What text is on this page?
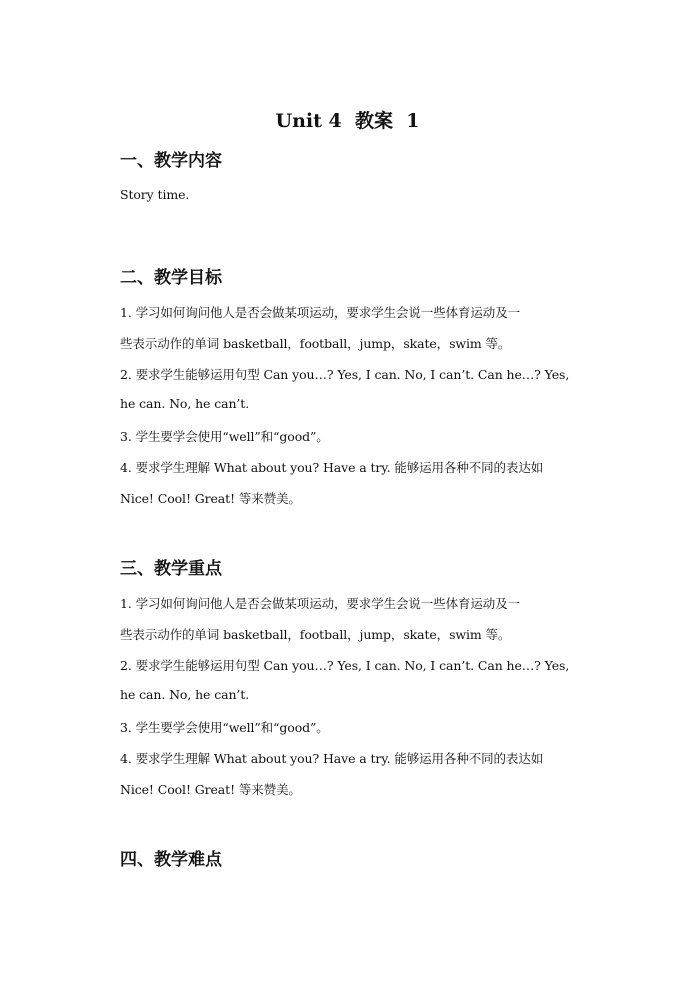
Unit 4  教案  1
一、教学内容

Story time.

二、教学目标

1. 学习如何询问他人是否会做某项运动，要求学生会说一些体育运动及一

些表示动作的单词 basketball，football，jump，skate，swim 等。

2. 要求学生能够运用句型 Can you…? Yes, I can. No, I can’t. Can he…? Yes,

he can. No, he can’t.

3. 学生要学会使用“well”和“good”。

4. 要求学生理解 What about you? Have a try. 能够运用各种不同的表达如

Nice! Cool! Great! 等来赞美。

三、教学重点

1. 学习如何询问他人是否会做某项运动，要求学生会说一些体育运动及一

些表示动作的单词 basketball，football，jump，skate，swim 等。

2. 要求学生能够运用句型 Can you…? Yes, I can. No, I can’t. Can he…? Yes,

he can. No, he can’t.

3. 学生要学会使用“well”和“good”。

4. 要求学生理解 What about you? Have a try. 能够运用各种不同的表达如

Nice! Cool! Great! 等来赞美。

四、教学难点
